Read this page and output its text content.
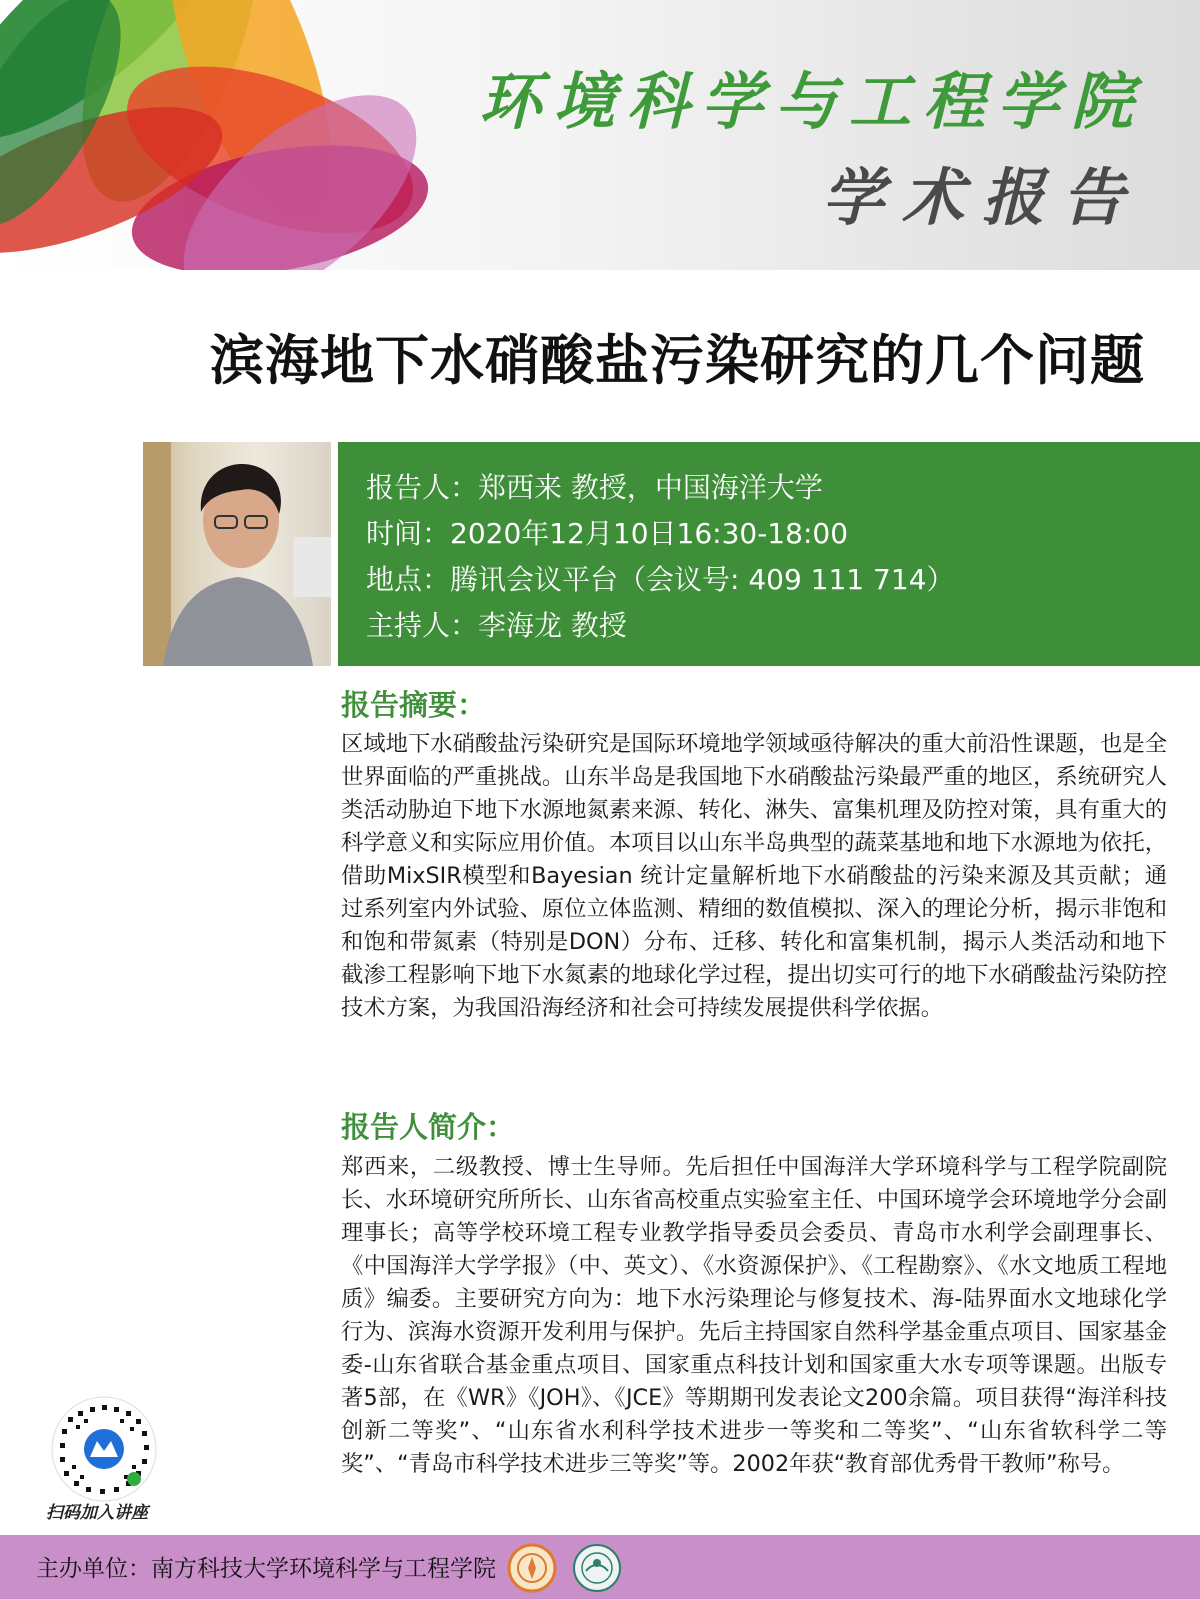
环境科学与工程学院
学术报告
滨海地下水硝酸盐污染研究的几个问题
报告人：郑西来 教授，中国海洋大学
时间：2020年12月10日16:30-18:00
地点：腾讯会议平台（会议号: 409 111 714）
主持人：李海龙 教授
报告摘要：
区域地下水硝酸盐污染研究是国际环境地学领域亟待解决的重大前沿性课题，也是全世界面临的严重挑战。山东半岛是我国地下水硝酸盐污染最严重的地区，系统研究人类活动胁迫下地下水源地氮素来源、转化、淋失、富集机理及防控对策，具有重大的科学意义和实际应用价值。本项目以山东半岛典型的蔬菜基地和地下水源地为依托，借助MixSIR模型和Bayesian 统计定量解析地下水硝酸盐的污染来源及其贡献；通过系列室内外试验、原位立体监测、精细的数值模拟、深入的理论分析，揭示非饱和和饱和带氮素（特别是DON）分布、迁移、转化和富集机制，揭示人类活动和地下截渗工程影响下地下水氮素的地球化学过程，提出切实可行的地下水硝酸盐污染防控技术方案，为我国沿海经济和社会可持续发展提供科学依据。
报告人简介：
郑西来，二级教授、博士生导师。先后担任中国海洋大学环境科学与工程学院副院长、水环境研究所所长、山东省高校重点实验室主任、中国环境学会环境地学分会副理事长；高等学校环境工程专业教学指导委员会委员、青岛市水利学会副理事长、《中国海洋大学学报》（中、英文）、《水资源保护》、《工程勘察》、《水文地质工程地质》编委。主要研究方向为：地下水污染理论与修复技术、海-陆界面水文地球化学行为、滨海水资源开发利用与保护。先后主持国家自然科学基金重点项目、国家基金委-山东省联合基金重点项目、国家重点科技计划和国家重大水专项等课题。出版专著5部，在《WR》《JOH》、《JCE》等期期刊发表论文200余篇。项目获得“海洋科技创新二等奖”、“山东省水利科学技术进步一等奖和二等奖”、“山东省软科学二等奖”、“青岛市科学技术进步三等奖”等。2002年获“教育部优秀骨干教师”称号。
扫码加入讲座
主办单位：南方科技大学环境科学与工程学院
